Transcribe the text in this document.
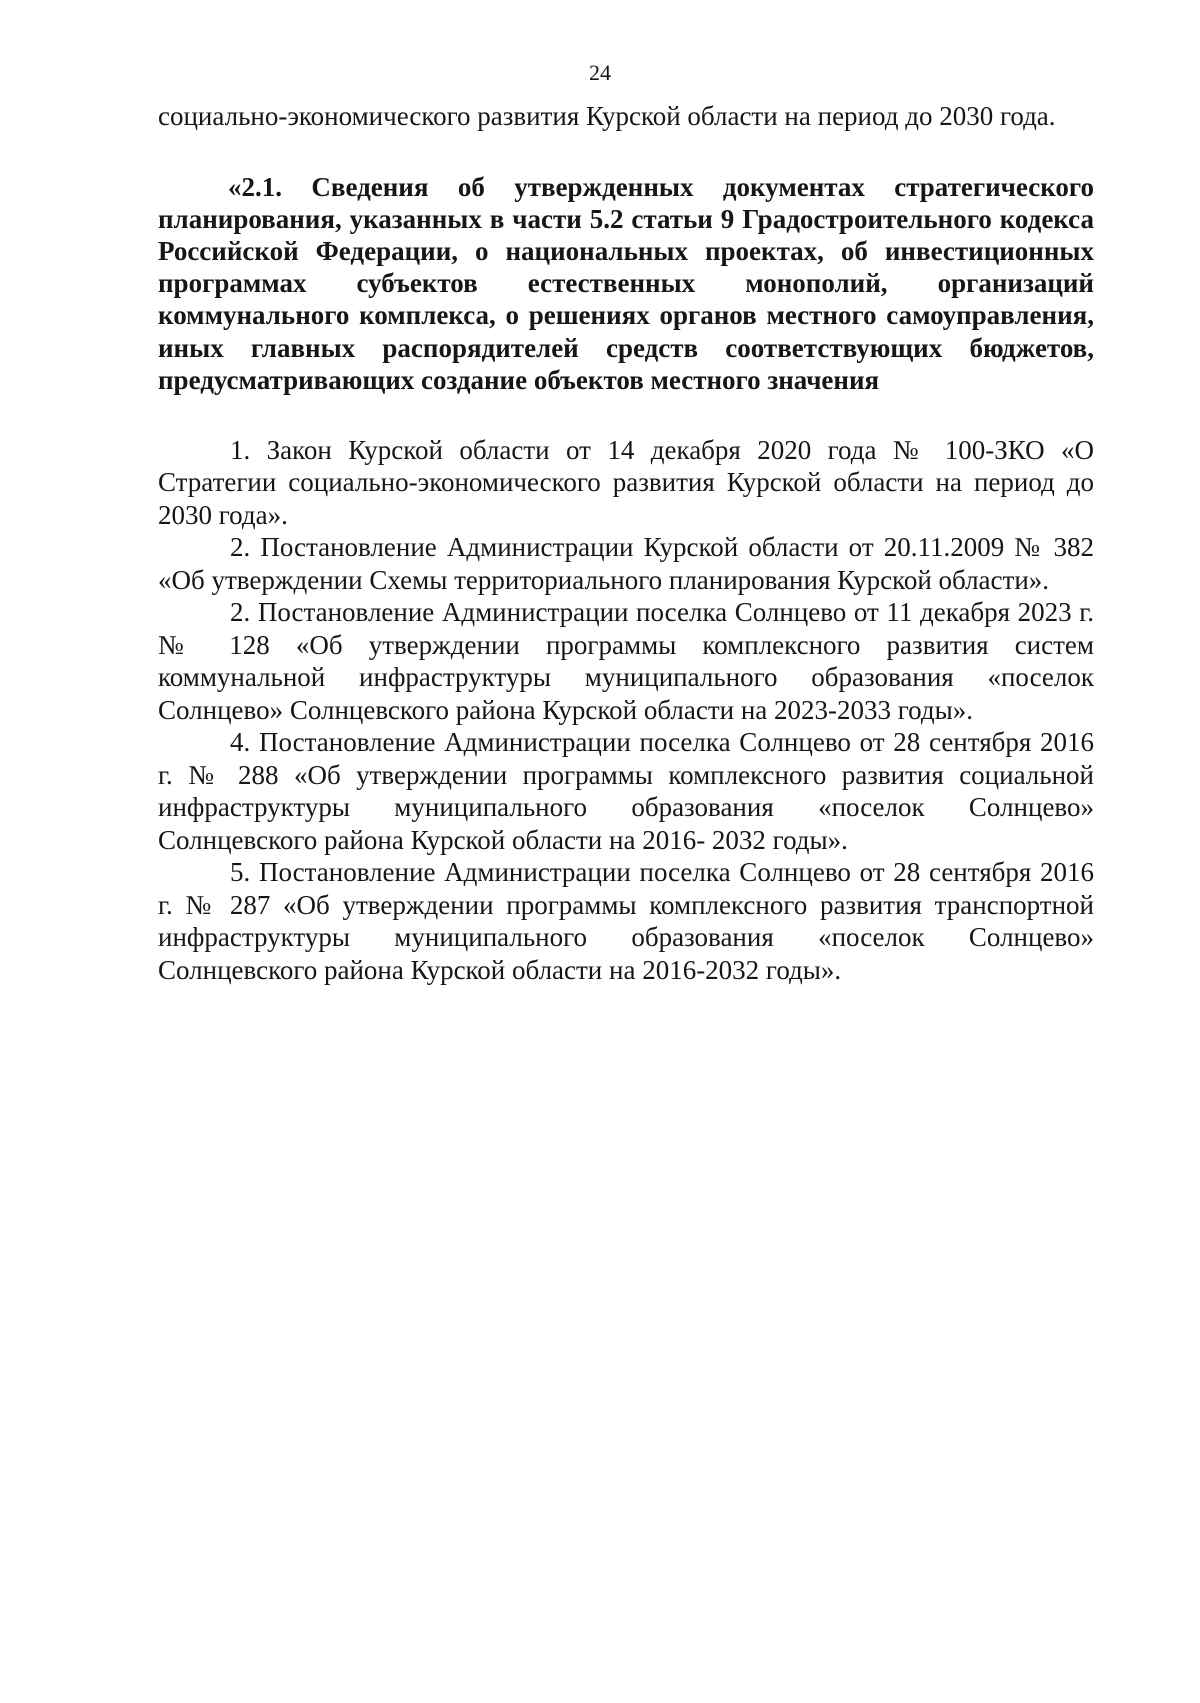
24

социально-экономического развития Курской области на период до 2030 года.

«2.1. Сведения об утвержденных документах стратегического планирования, указанных в части 5.2 статьи 9 Градостроительного кодекса Российской Федерации, о национальных проектах, об инвестиционных программах субъектов естественных монополий, организаций коммунального комплекса, о решениях органов местного самоуправления, иных главных распорядителей средств соответствующих бюджетов, предусматривающих создание объектов местного значения

1. Закон Курской области от 14 декабря 2020 года № 100-ЗКО «О Стратегии социально-экономического развития Курской области на период до 2030 года».

2. Постановление Администрации Курской области от 20.11.2009 № 382 «Об утверждении Схемы территориального планирования Курской области».

2. Постановление Администрации поселка Солнцево от 11 декабря 2023 г. № 128 «Об утверждении программы комплексного развития систем коммунальной инфраструктуры муниципального образования «поселок Солнцево» Солнцевского района Курской области на 2023-2033 годы».

4. Постановление Администрации поселка Солнцево от 28 сентября 2016 г. № 288 «Об утверждении программы комплексного развития социальной инфраструктуры муниципального образования «поселок Солнцево» Солнцевского района Курской области на 2016- 2032 годы».

5. Постановление Администрации поселка Солнцево от 28 сентября 2016 г. № 287 «Об утверждении программы комплексного развития транспортной инфраструктуры муниципального образования «поселок Солнцево» Солнцевского района Курской области на 2016-2032 годы».
